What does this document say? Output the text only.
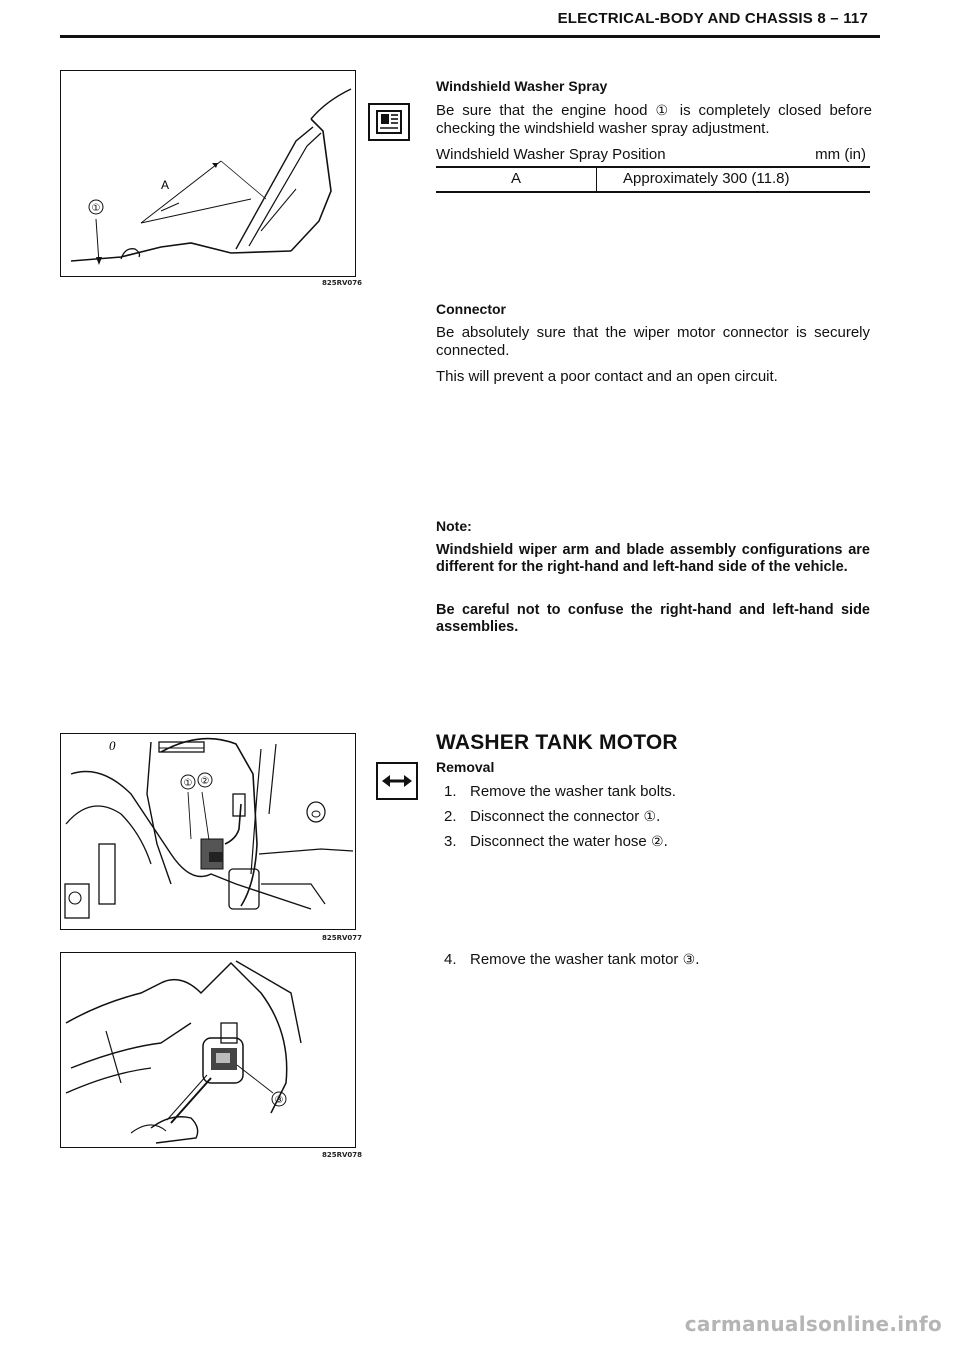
ELECTRICAL-BODY AND CHASSIS 8 – 117
①
A
825RV076
Windshield Washer Spray
Be sure that the engine hood ① is completely closed before checking the windshield washer spray adjustment.
Windshield Washer Spray Position	mm (in)
A	Approximately 300 (11.8)
Connector
Be absolutely sure that the wiper motor connector is securely connected.
This will prevent a poor contact and an open circuit.
Note:
Windshield wiper arm and blade assembly configurations are different for the right-hand and left-hand side of the vehicle.
Be careful not to confuse the right-hand and left-hand side assemblies.
① ②
0
825RV077
WASHER TANK MOTOR
Removal
1. Remove the washer tank bolts.
2. Disconnect the connector ①.
3. Disconnect the water hose ②.
4. Remove the washer tank motor ③.
③
825RV078
carmanualsonline.info
